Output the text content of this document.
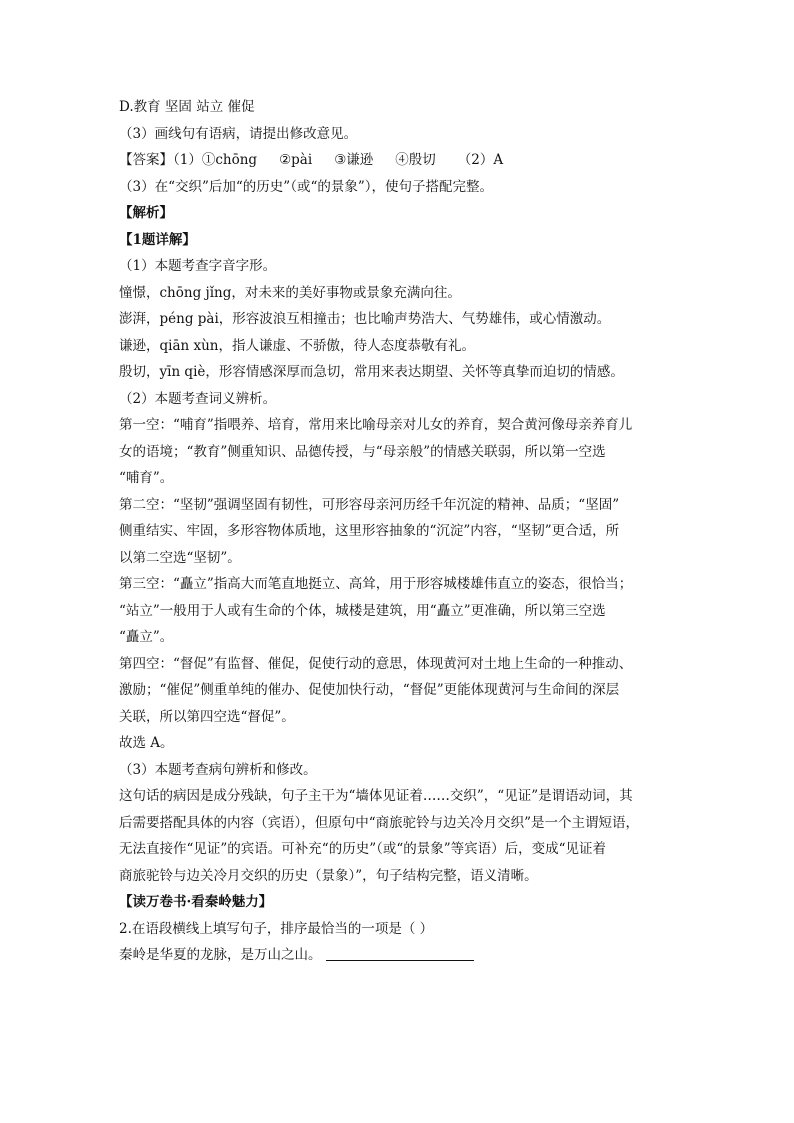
D.教育 坚固 站立 催促

（3）画线句有语病，请提出修改意见。

【答案】（1）①chōng ②pài ③谦逊 ④殷切 （2）A

（3）在“交织”后加“的历史”（或“的景象”），使句子搭配完整。

【解析】

【1题详解】

（1）本题考查字音字形。

憧憬，chōng jǐng，对未来的美好事物或景象充满向往。

澎湃，péng pài，形容波浪互相撞击；也比喻声势浩大、气势雄伟，或心情激动。

谦逊，qiān xùn，指人谦虚、不骄傲，待人态度恭敬有礼。

殷切，yīn qiè，形容情感深厚而急切，常用来表达期望、关怀等真挚而迫切的情感。

（2）本题考查词义辨析。

第一空：“哺育”指喂养、培育，常用来比喻母亲对儿女的养育，契合黄河像母亲养育儿

女的语境；“教育”侧重知识、品德传授，与“母亲般”的情感关联弱，所以第一空选

“哺育”。

第二空：“坚韧”强调坚固有韧性，可形容母亲河历经千年沉淀的精神、品质；“坚固”

侧重结实、牢固，多形容物体质地，这里形容抽象的“沉淀”内容，“坚韧”更合适，所

以第二空选“坚韧”。

第三空：“矗立”指高大而笔直地挺立、高耸，用于形容城楼雄伟直立的姿态，很恰当；

“站立”一般用于人或有生命的个体，城楼是建筑，用“矗立”更准确，所以第三空选

“矗立”。

第四空：“督促”有监督、催促，促使行动的意思，体现黄河对土地上生命的一种推动、

激励；“催促”侧重单纯的催办、促使加快行动，“督促”更能体现黄河与生命间的深层

关联，所以第四空选“督促”。

故选 A。

（3）本题考查病句辨析和修改。

这句话的病因是成分残缺，句子主干为“墙体见证着……交织”，“见证”是谓语动词，其

后需要搭配具体的内容（宾语），但原句中“商旅驼铃与边关冷月交织”是一个主谓短语，

无法直接作“见证”的宾语。可补充“的历史”（或“的景象”等宾语）后，变成“见证着

商旅驼铃与边关冷月交织的历史（景象）”，句子结构完整，语义清晰。

【读万卷书·看秦岭魅力】

2.在语段横线上填写句子，排序最恰当的一项是（ ）

秦岭是华夏的龙脉，是万山之山。
